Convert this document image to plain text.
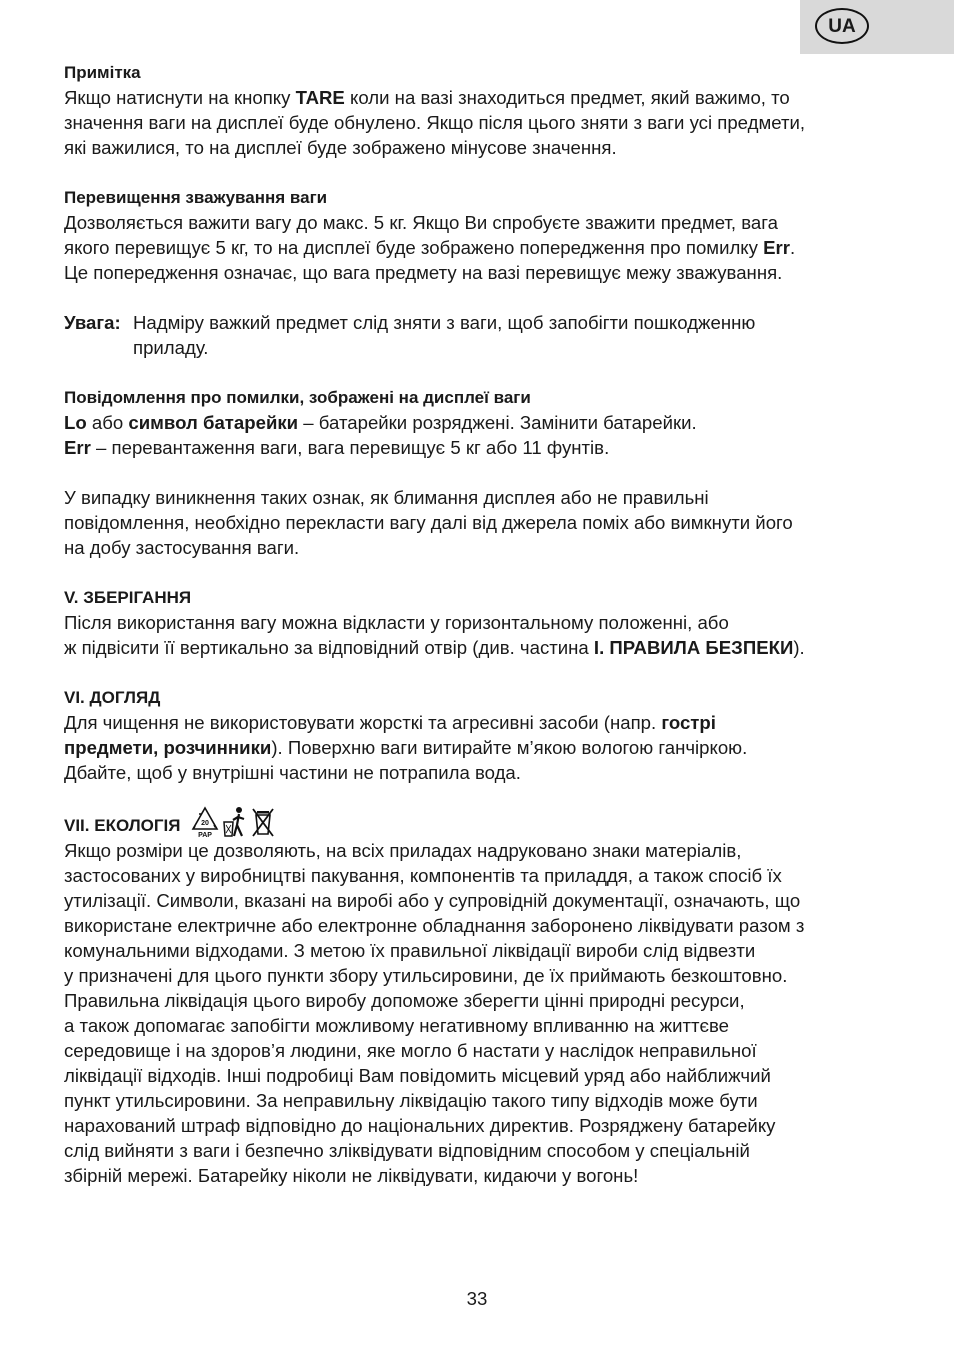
UA
Примітка
Якщо натиснути на кнопку TARE коли на вазі знаходиться предмет, який важимо, то
значення ваги на дисплеї буде обнулено. Якщо після цього зняти з ваги усі предмети,
які важилися, то на дисплеї буде зображено мінусове значення.
Перевищення зважування ваги
Дозволяється важити вагу до макс. 5 кг. Якщо Ви спробуєте зважити предмет, вага
якого перевищує 5 кг, то на дисплеї буде зображено попередження про помилку Err.
Це попередження означає, що вага предмету на вазі перевищує межу зважування.
Увага: Надміру важкий предмет слід зняти з ваги, щоб запобігти пошкодженню
приладу.
Повідомлення про помилки, зображені на дисплеї ваги
Lo або символ батарейки – батарейки розряджені. Замінити батарейки.
Err – перевантаження ваги, вага перевищує 5 кг або 11 фунтів.
У випадку виникнення таких ознак, як блимання дисплея або не правильні
повідомлення, необхідно перекласти вагу далі від джерела поміх або вимкнути його
на добу застосування ваги.
V. ЗБЕРІГАННЯ
Після використання вагу можна відкласти у горизонтальному положенні, або
ж підвісити її вертикально за відповідний отвір (див. частина I. ПРАВИЛА БЕЗПЕКИ).
VI. ДОГЛЯД
Для чищення не використовувати жорсткі та агресивні засоби (напр. гострі
предмети, розчинники). Поверхню ваги витирайте м’якою вологою ганчіркою.
Дбайте, щоб у внутрішні частини не потрапила вода.
VII. ЕКОЛОГІЯ	20
PAP
Якщо розміри це дозволяють, на всіх приладах надруковано знаки матеріалів,
застосованих у виробництві пакування, компонентів та приладдя, а також спосіб їх
утилізації. Символи, вказані на виробі або у супровідній документації, означають, що
використане електричне або електронне обладнання заборонено ліквідувати разом з
комунальними відходами. З метою їх правильної ліквідації вироби слід відвезти
у призначені для цього пункти збору утильсировини, де їх приймають безкоштовно.
Правильна ліквідація цього виробу допоможе зберегти цінні природні ресурси,
а також допомагає запобігти можливому негативному впливанню на життєве
середовище і на здоров’я людини, яке могло б настати у наслідок неправильної
ліквідації відходів. Інші подробиці Вам повідомить місцевий уряд або найближчий
пункт утильсировини. За неправильну ліквідацію такого типу відходів може бути
нарахований штраф відповідно до національних директив. Розряджену батарейку
слід вийняти з ваги і безпечно зліквідувати відповідним способом у спеціальній
збірній мережі. Батарейку ніколи не ліквідувати, кидаючи у вогонь!
33
